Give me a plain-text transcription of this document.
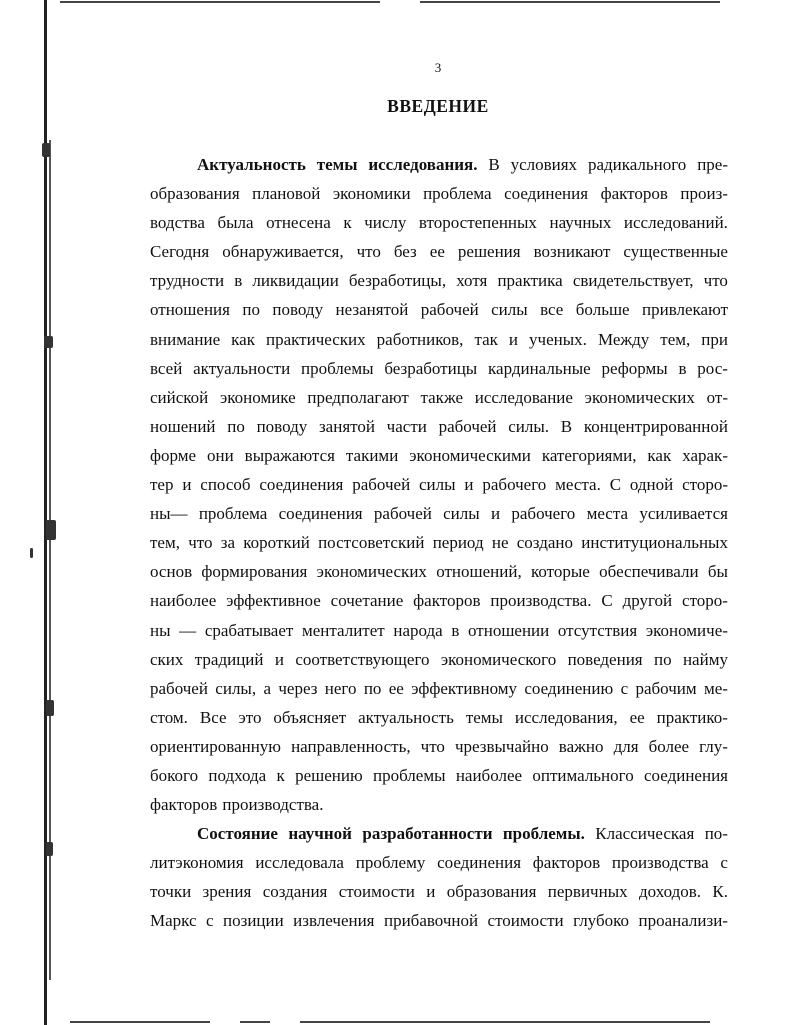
3
ВВЕДЕНИЕ
Актуальность темы исследования. В условиях радикального пре-
образования плановой экономики проблема соединения факторов произ-
водства была отнесена к числу второстепенных научных исследований.
Сегодня обнаруживается, что без ее решения возникают существенные
трудности в ликвидации безработицы, хотя практика свидетельствует, что
отношения по поводу незанятой рабочей силы все больше привлекают
внимание как практических работников, так и ученых. Между тем, при
всей актуальности проблемы безработицы кардинальные реформы в рос-
сийской экономике предполагают также исследование экономических от-
ношений по поводу занятой части рабочей силы. В концентрированной
форме они выражаются такими экономическими категориями, как харак-
тер и способ соединения рабочей силы и рабочего места. С одной сторо-
ны— проблема соединения рабочей силы и рабочего места усиливается
тем, что за короткий постсоветский период не создано институциональных
основ формирования экономических отношений, которые обеспечивали бы
наиболее эффективное сочетание факторов производства. С другой сторо-
ны — срабатывает менталитет народа в отношении отсутствия экономиче-
ских традиций и соответствующего экономического поведения по найму
рабочей силы, а через него по ее эффективному соединению с рабочим ме-
стом. Все это объясняет актуальность темы исследования, ее практико-
ориентированную направленность, что чрезвычайно важно для более глу-
бокого подхода к решению проблемы наиболее оптимального соединения
факторов производства.
Состояние научной разработанности проблемы. Классическая по-
литэкономия исследовала проблему соединения факторов производства с
точки зрения создания стоимости и образования первичных доходов. К.
Маркс с позиции извлечения прибавочной стоимости глубоко проанализи-
